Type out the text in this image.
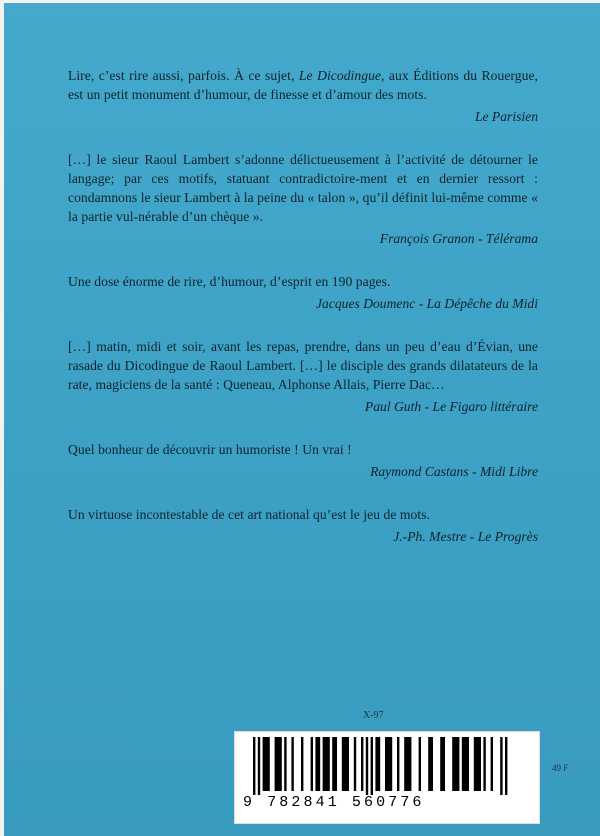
Lire, c’est rire aussi, parfois. À ce sujet, Le Dicodingue, aux Éditions du Rouergue, est un petit monument d’humour, de finesse et d’amour des mots.

Le Parisien

[…] le sieur Raoul Lambert s’adonne délictueusement à l’activité de détourner le langage; par ces motifs, statuant contradictoire-ment et en dernier ressort : condamnons le sieur Lambert à la peine du « talon », qu’il définit lui-même comme « la partie vul-nérable d’un chèque ».

François Granon - Télérama

Une dose énorme de rire, d’humour, d’esprit en 190 pages.

Jacques Doumenc - La Dépêche du Midi

[…] matin, midi et soir, avant les repas, prendre, dans un peu d’eau d’Évian, une rasade du Dicodingue de Raoul Lambert. […] le disciple des grands dilatateurs de la rate, magiciens de la santé : Queneau, Alphonse Allais, Pierre Dac…

Paul Guth - Le Figaro littéraire

Quel bonheur de découvrir un humoriste ! Un vrai !

Raymond Castans - Midi Libre

Un virtuose incontestable de cet art national qu’est le jeu de mots.

J.-Ph. Mestre - Le Progrès

X-97
49 F
9 782841 560776
